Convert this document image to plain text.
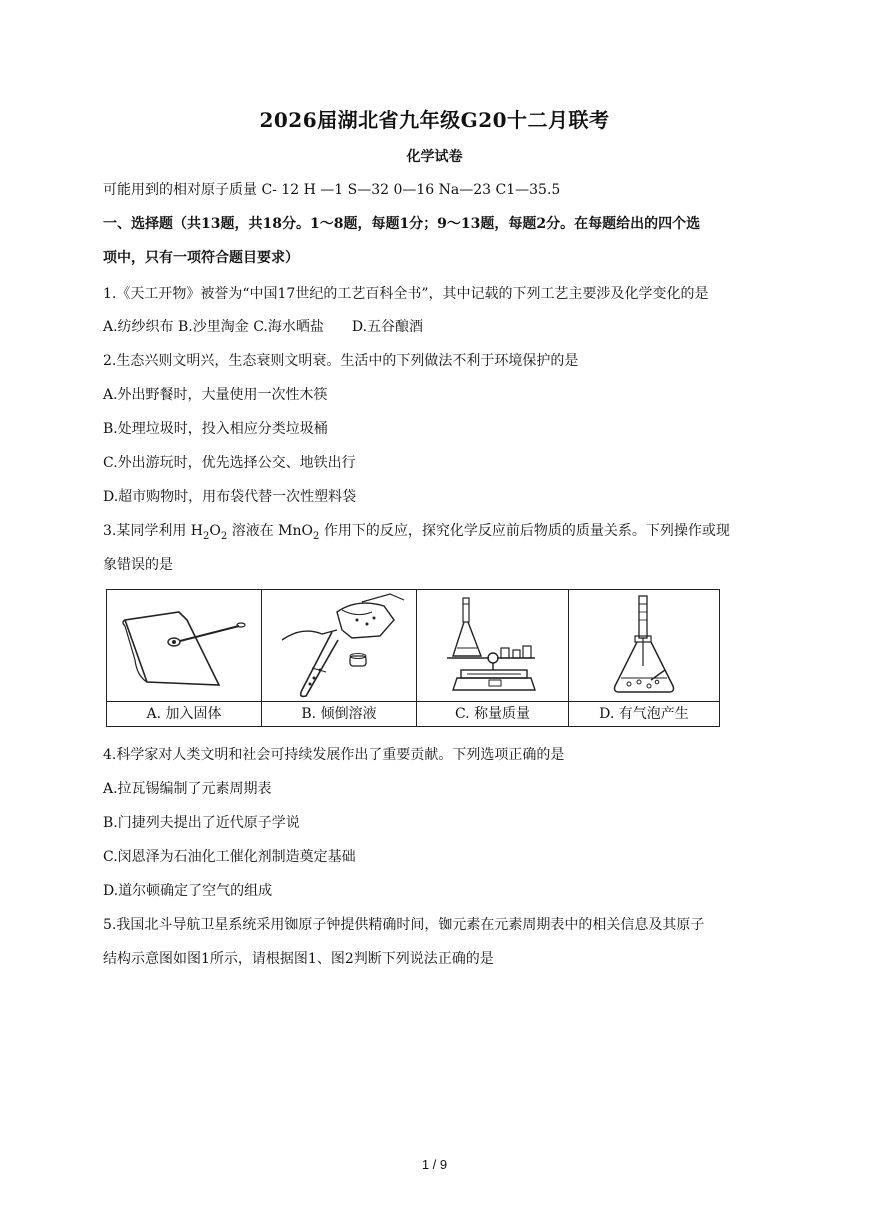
2026届湖北省九年级G20十二月联考
化学试卷
可能用到的相对原子质量 C- 12 H —1 S—32 0—16 Na—23 C1—35.5
一、选择题（共13题，共18分。1～8题，每题1分；9～13题，每题2分。在每题给出的四个选
项中，只有一项符合题目要求）
1.《天工开物》被誉为“中国17世纪的工艺百科全书”，其中记载的下列工艺主要涉及化学变化的是
A.纺纱织布 B.沙里淘金 C.海水晒盐　　D.五谷酿酒
2.生态兴则文明兴，生态衰则文明衰。生活中的下列做法不利于环境保护的是
A.外出野餐时，大量使用一次性木筷
B.处理垃圾时，投入相应分类垃圾桶
C.外出游玩时，优先选择公交、地铁出行
D.超市购物时，用布袋代替一次性塑料袋
3.某同学利用 $H_2O_2$ 溶液在 MnO$_2$ 作用下的反应，探究化学反应前后物质的质量关系。下列操作或现
象错误的是
A. 加入固体	B. 倾倒溶液	C. 称量质量	D. 有气泡产生
4.科学家对人类文明和社会可持续发展作出了重要贡献。下列选项正确的是
A.拉瓦锡编制了元素周期表
B.门捷列夫提出了近代原子学说
C.闵恩泽为石油化工催化剂制造奠定基础
D.道尔顿确定了空气的组成
5.我国北斗导航卫星系统采用铷原子钟提供精确时间，铷元素在元素周期表中的相关信息及其原子
结构示意图如图1所示，请根据图1、图2判断下列说法正确的是
1 / 9
